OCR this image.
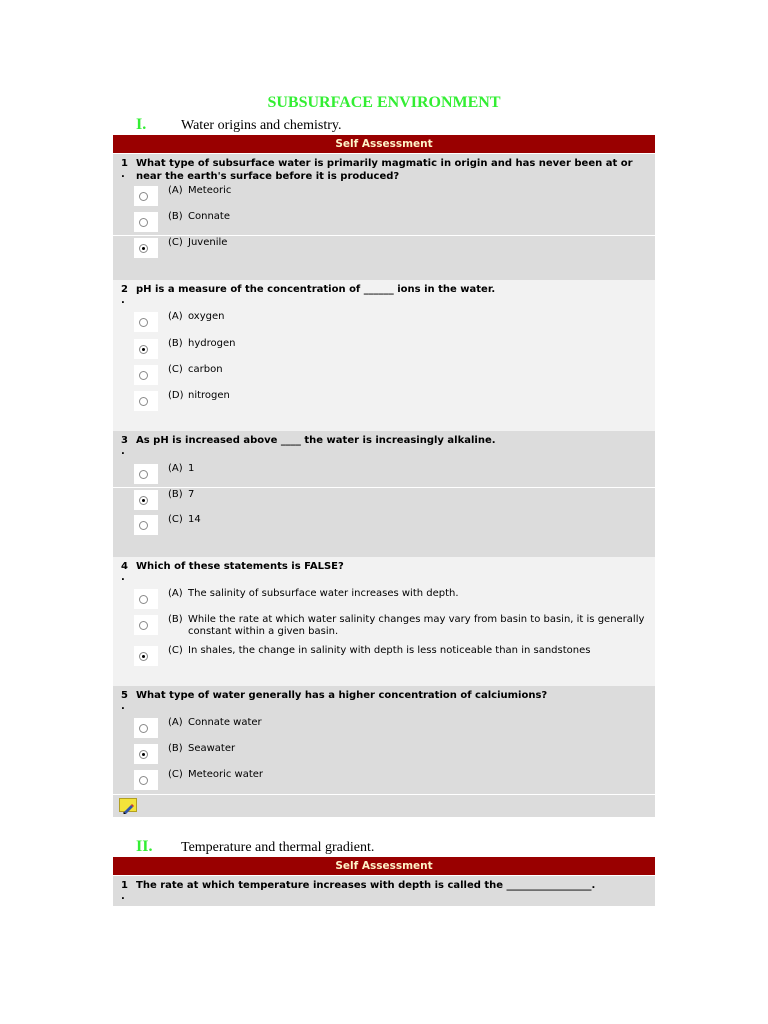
SUBSURFACE ENVIRONMENT
I. Water origins and chemistry.
Self Assessment
1
.
What type of subsurface water is primarily magmatic in origin and has never been at or near the earth's surface before it is produced?
(A) Meteoric
(B) Connate
(C) Juvenile
2
.
pH is a measure of the concentration of ______ ions in the water.
(A) oxygen
(B) hydrogen
(C) carbon
(D) nitrogen
3
.
As pH is increased above ____ the water is increasingly alkaline.
(A) 1
(B) 7
(C) 14
4
.
Which of these statements is FALSE?
(A) The salinity of subsurface water increases with depth.
(B) While the rate at which water salinity changes may vary from basin to basin, it is generally constant within a given basin.
(C) In shales, the change in salinity with depth is less noticeable than in sandstones
5
.
What type of water generally has a higher concentration of calciumions?
(A) Connate water
(B) Seawater
(C) Meteoric water
II. Temperature and thermal gradient.
Self Assessment
1
.
The rate at which temperature increases with depth is called the _________________.
